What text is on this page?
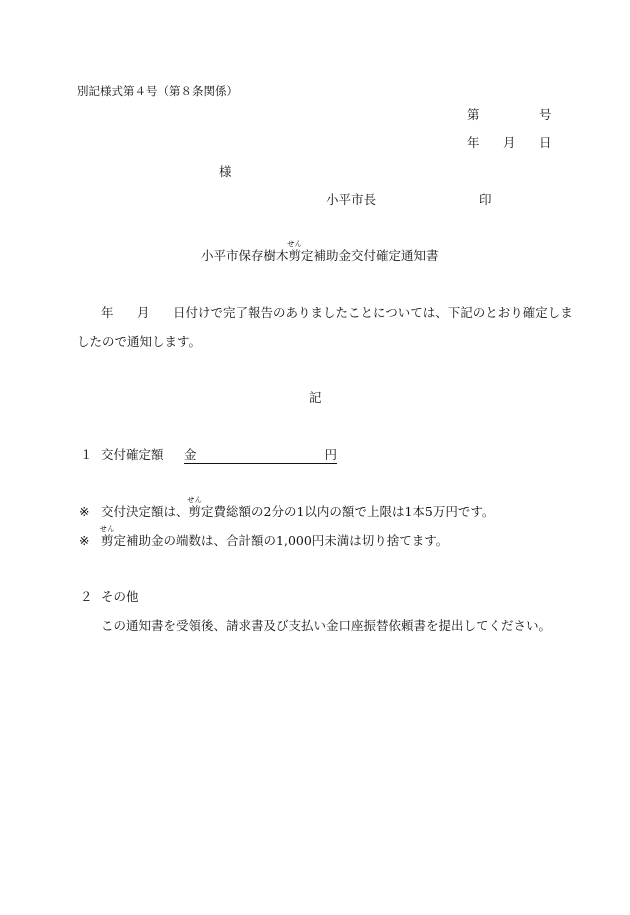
別記様式第４号（第８条関係）
第	号
年 月 日
様
小平市長	印
小平市保存樹木
せん
剪定補助金交付確定通知書
年 月 日付けで完了報告のありましたことについては、下記のとおり確定しま
したので通知します。
記
１ 交付確定額 金	円
※ 交付決定額は、
せん
剪定費総額の2分の1以内の額で上限は1本5万円です。
※
せん
剪定補助金の端数は、合計額の1,000円未満は切り捨てます。
２ その他
この通知書を受領後、請求書及び支払い金口座振替依頼書を提出してください。
